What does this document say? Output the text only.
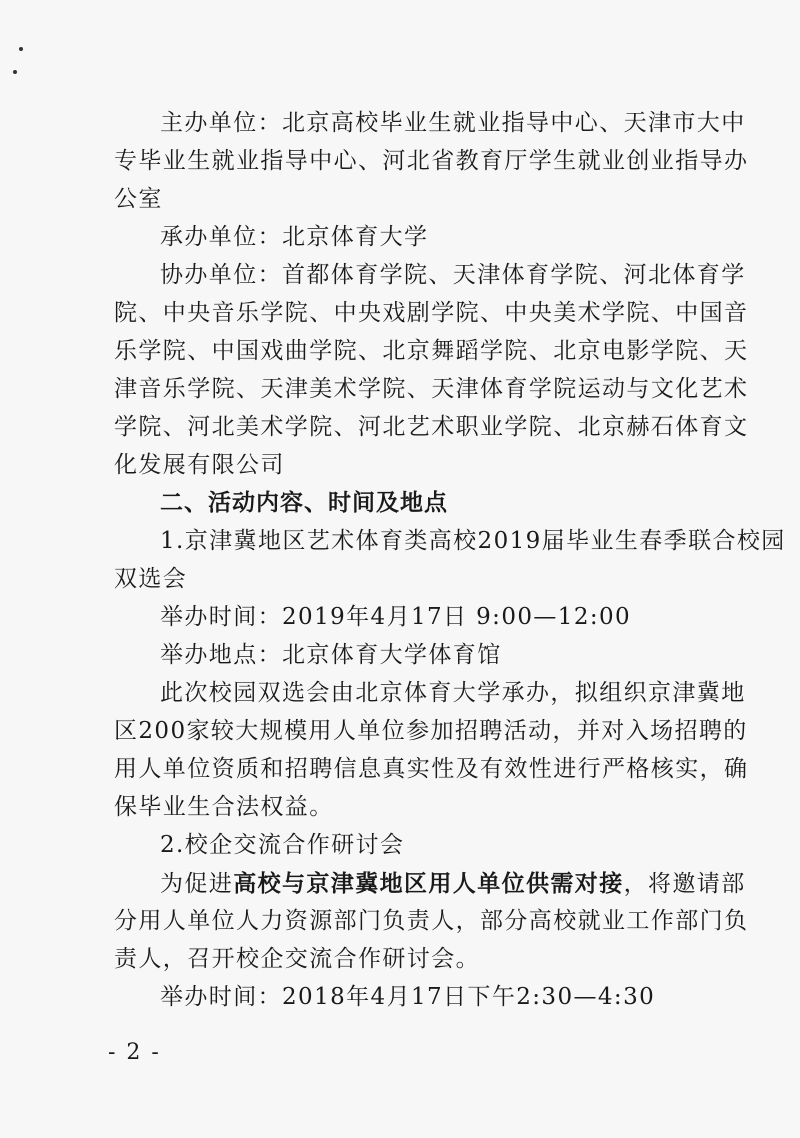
主办单位：北京高校毕业生就业指导中心、天津市大中
专毕业生就业指导中心、河北省教育厅学生就业创业指导办
公室
承办单位：北京体育大学
协办单位：首都体育学院、天津体育学院、河北体育学
院、中央音乐学院、中央戏剧学院、中央美术学院、中国音
乐学院、中国戏曲学院、北京舞蹈学院、北京电影学院、天
津音乐学院、天津美术学院、天津体育学院运动与文化艺术
学院、河北美术学院、河北艺术职业学院、北京赫石体育文
化发展有限公司
二、活动内容、时间及地点
1.京津冀地区艺术体育类高校2019届毕业生春季联合校园
双选会
举办时间：2019年4月17日 9:00—12:00
举办地点：北京体育大学体育馆
此次校园双选会由北京体育大学承办，拟组织京津冀地
区200家较大规模用人单位参加招聘活动，并对入场招聘的
用人单位资质和招聘信息真实性及有效性进行严格核实，确
保毕业生合法权益。
2.校企交流合作研讨会
为促进高校与京津冀地区用人单位供需对接，将邀请部
分用人单位人力资源部门负责人，部分高校就业工作部门负
责人，召开校企交流合作研讨会。
举办时间：2018年4月17日下午2:30—4:30
- 2 -
